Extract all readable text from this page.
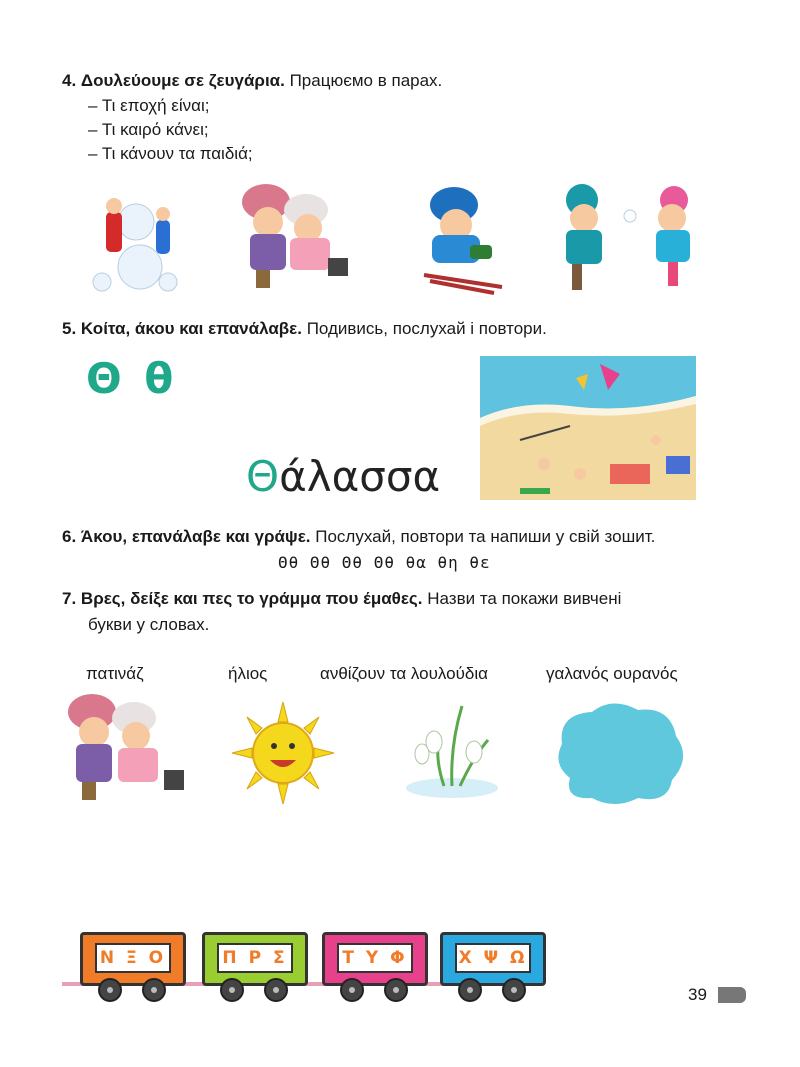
4. Δουλεύουμε σε ζευγάρια. Працюємо в парах.
– Τι εποχή είναι;
– Τι καιρό κάνει;
– Τι κάνουν τα παιδιά;
5. Κοίτα, άκου και επανάλαβε. Подивись, послухай і повтори.
Θ θ
Θάλασσα
6. Άκου, επανάλαβε και γράψε. Послухай, повтори та напиши у свій зошит.
Θθ Θθ Θθ Θθ θα θη θε
7. Βρες, δείξε και πες το γράμμα που έμαθες. Назви та покажи вивчені
букви у словах.
πατινάζ	ήλιος	ανθίζουν τα λουλούδια	γαλανός ουρανός
Ν Ξ Ο	Π Ρ Σ	Τ Υ Φ	Χ Ψ Ω
39
